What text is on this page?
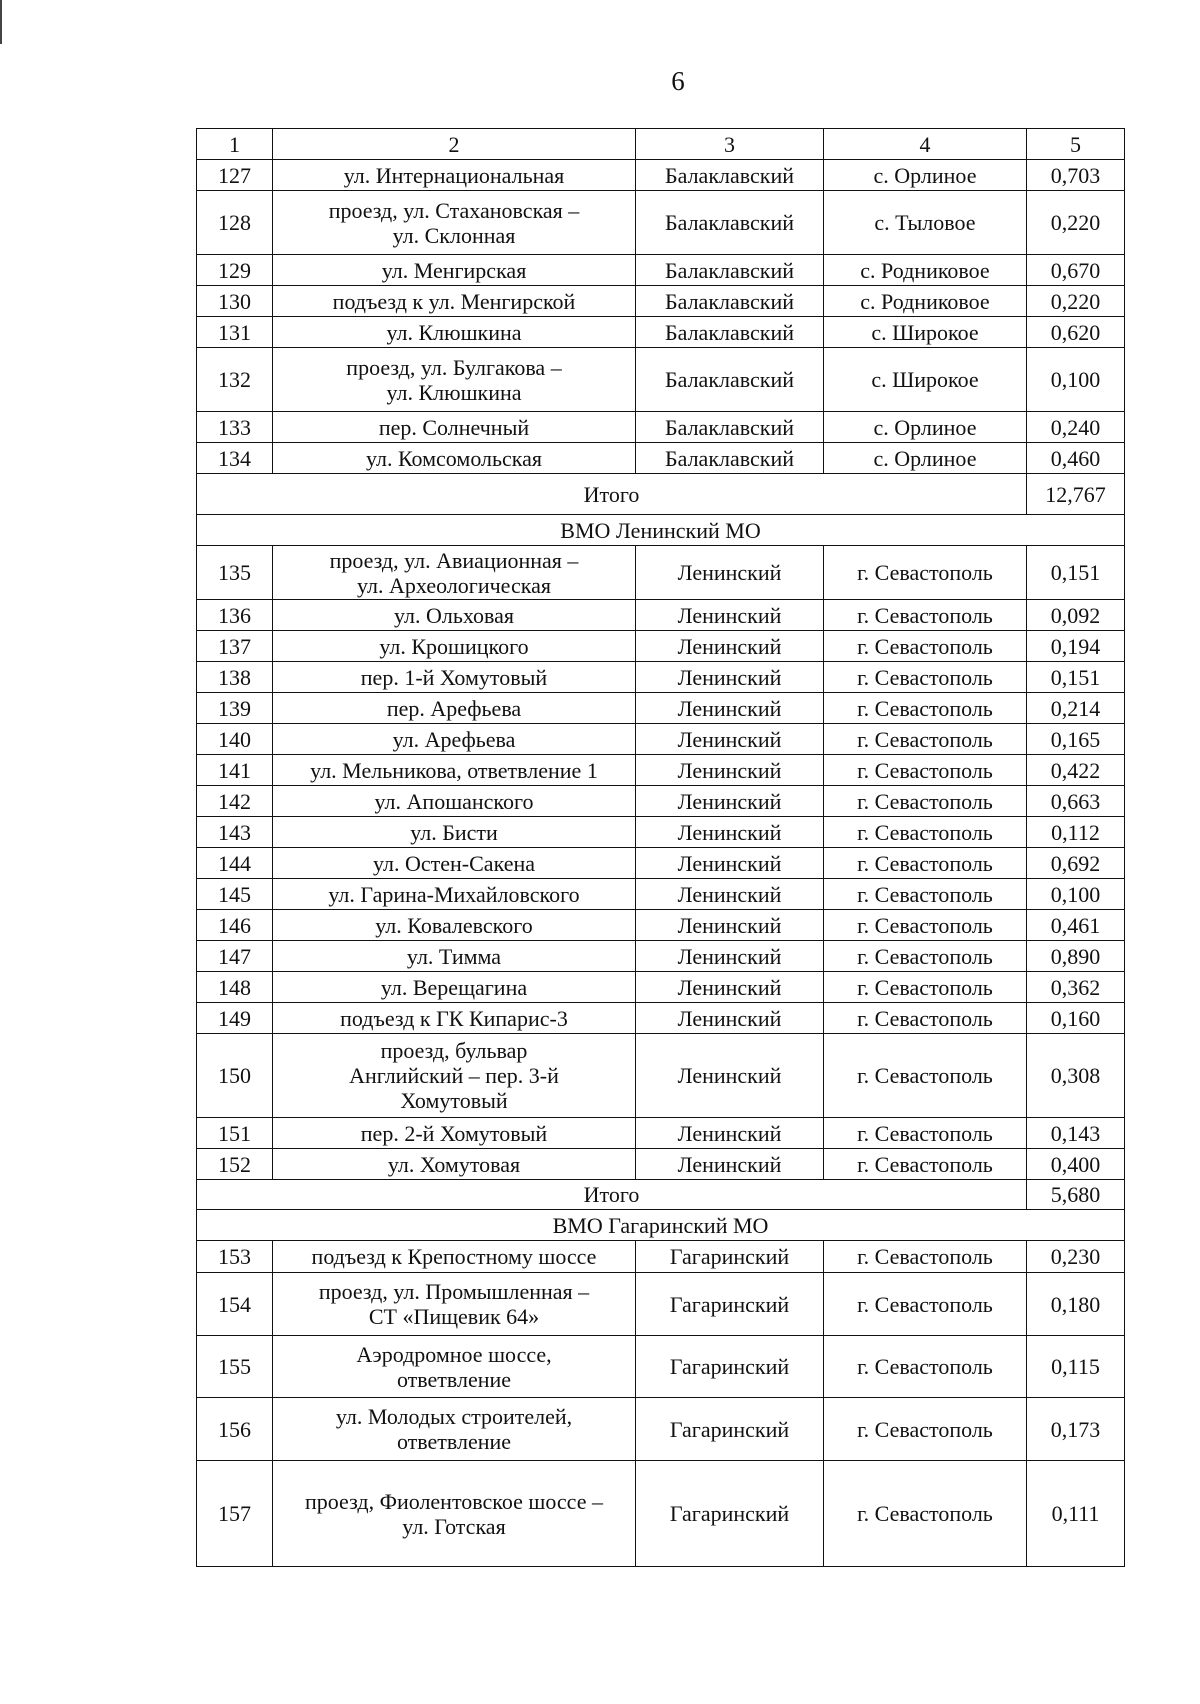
6
1	2	3	4	5
127	ул. Интернациональная	Балаклавский	с. Орлиное	0,703
128	проезд, ул. Стахановская –
ул. Склонная	Балаклавский	с. Тыловое	0,220
129	ул. Менгирская	Балаклавский	с. Родниковое	0,670
130	подъезд к ул. Менгирской	Балаклавский	с. Родниковое	0,220
131	ул. Клюшкина	Балаклавский	с. Широкое	0,620
132	проезд, ул. Булгакова –
ул. Клюшкина	Балаклавский	с. Широкое	0,100
133	пер. Солнечный	Балаклавский	с. Орлиное	0,240
134	ул. Комсомольская	Балаклавский	с. Орлиное	0,460
Итого				12,767
ВМО Ленинский МО				
135	проезд, ул. Авиационная –
ул. Археологическая	Ленинский	г. Севастополь	0,151
136	ул. Ольховая	Ленинский	г. Севастополь	0,092
137	ул. Крошицкого	Ленинский	г. Севастополь	0,194
138	пер. 1-й Хомутовый	Ленинский	г. Севастополь	0,151
139	пер. Арефьева	Ленинский	г. Севастополь	0,214
140	ул. Арефьева	Ленинский	г. Севастополь	0,165
141	ул. Мельникова, ответвление 1	Ленинский	г. Севастополь	0,422
142	ул. Апошанского	Ленинский	г. Севастополь	0,663
143	ул. Бисти	Ленинский	г. Севастополь	0,112
144	ул. Остен-Сакена	Ленинский	г. Севастополь	0,692
145	ул. Гарина-Михайловского	Ленинский	г. Севастополь	0,100
146	ул. Ковалевского	Ленинский	г. Севастополь	0,461
147	ул. Тимма	Ленинский	г. Севастополь	0,890
148	ул. Верещагина	Ленинский	г. Севастополь	0,362
149	подъезд к ГК Кипарис-3	Ленинский	г. Севастополь	0,160
150	проезд, бульвар
Английский – пер. 3-й
Хомутовый	Ленинский	г. Севастополь	0,308
151	пер. 2-й Хомутовый	Ленинский	г. Севастополь	0,143
152	ул. Хомутовая	Ленинский	г. Севастополь	0,400
Итого				5,680
ВМО Гагаринский МО				
153	подъезд к Крепостному шоссе	Гагаринский	г. Севастополь	0,230
154	проезд, ул. Промышленная –
СТ «Пищевик 64»	Гагаринский	г. Севастополь	0,180
155	Аэродромное шоссе,
ответвление	Гагаринский	г. Севастополь	0,115
156	ул. Молодых строителей,
ответвление	Гагаринский	г. Севастополь	0,173
157	проезд, Фиолентовское шоссе –
ул. Готская	Гагаринский	г. Севастополь	0,111
